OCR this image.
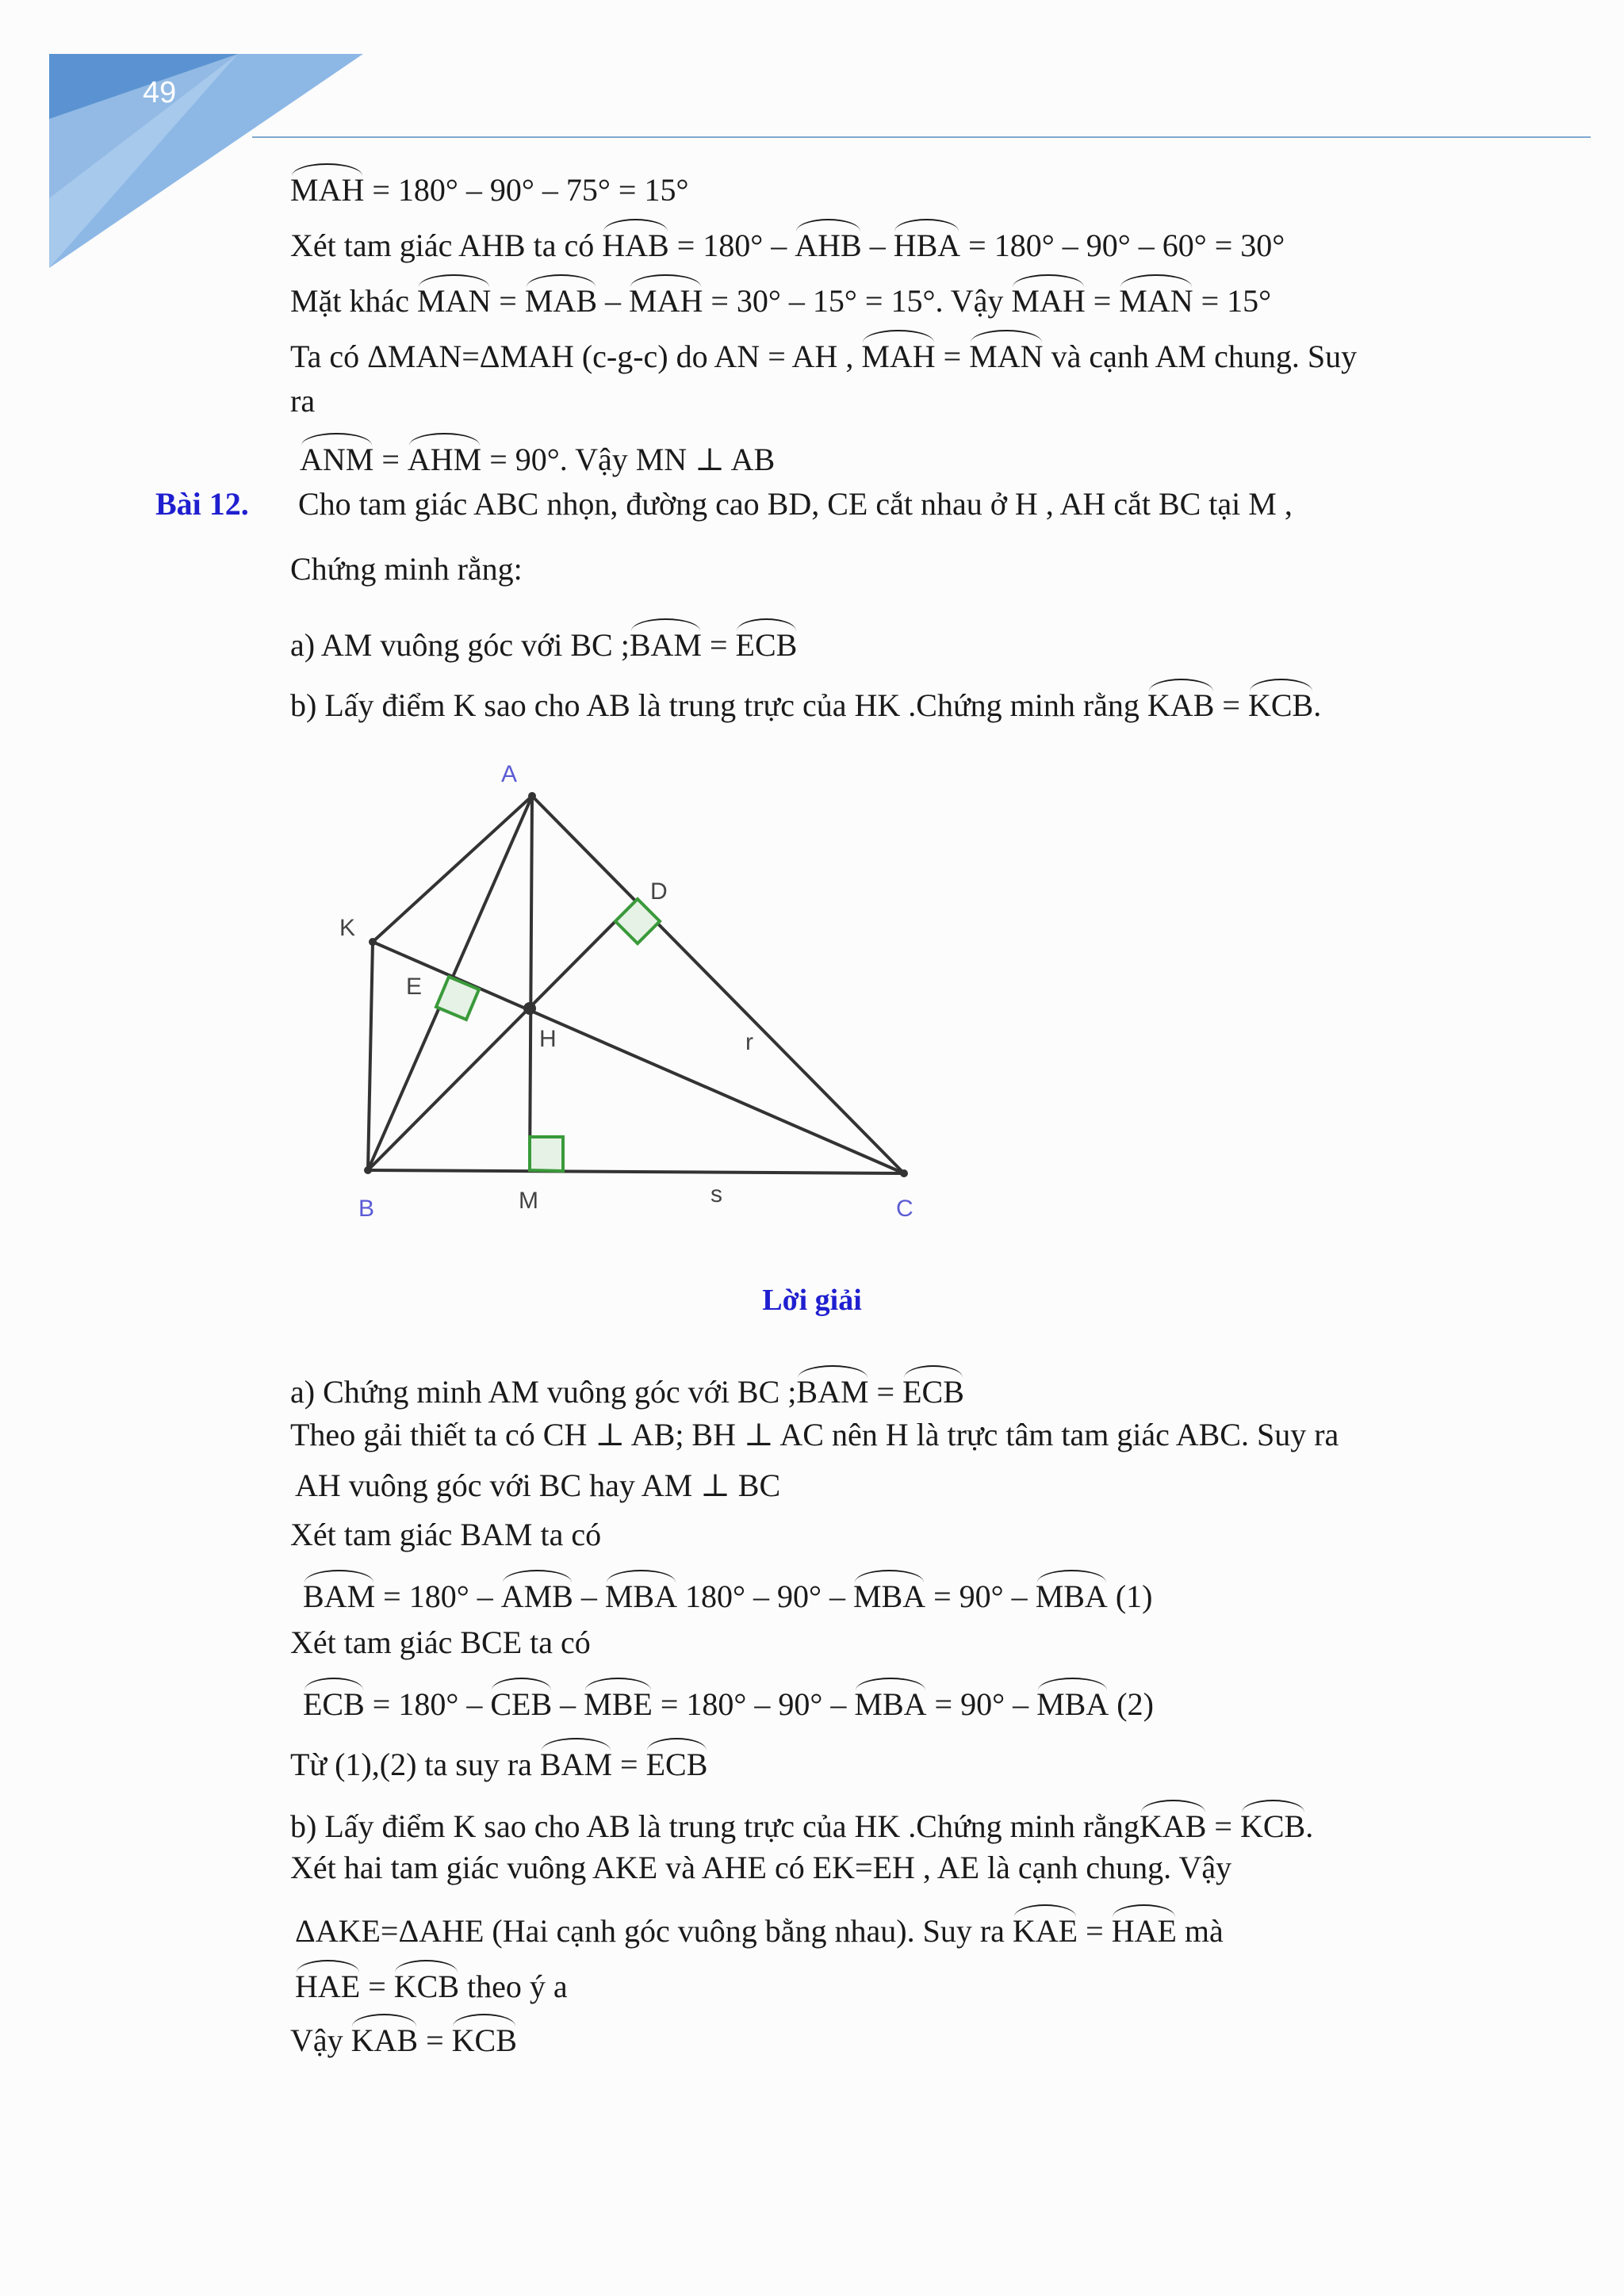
49
MAH = 180° – 90° – 75° = 15°
Xét tam giác AHB ta có HAB = 180° – AHB – HBA = 180° – 90° – 60° = 30°
Mặt khác MAN = MAB – MAH = 30° – 15° = 15°. Vậy MAH = MAN = 15°
Ta có ΔMAN=ΔMAH (c-g-c) do AN = AH , MAH = MAN và cạnh AM chung. Suy
ra
ANM = AHM = 90°. Vậy MN ⊥ AB
Bài 12. Cho tam giác ABC nhọn, đường cao BD, CE cắt nhau ở H , AH cắt BC tại M ,
Chứng minh rằng:
a) AM vuông góc với BC ;BAM = ECB
b) Lấy điểm K sao cho AB là trung trực của HK .Chứng minh rằng KAB = KCB.
A
B	C
D
E
H
K
M
r
s
Lời giải
a) Chứng minh AM vuông góc với BC ;BAM = ECB
Theo gải thiết ta có CH ⊥ AB; BH ⊥ AC nên H là trực tâm tam giác ABC. Suy ra
AH vuông góc với BC hay AM ⊥ BC
Xét tam giác BAM ta có
BAM = 180° – AMB – MBA 180° – 90° – MBA = 90° – MBA (1)
Xét tam giác BCE ta có
ECB = 180° – CEB – MBE = 180° – 90° – MBA = 90° – MBA (2)
Từ (1),(2) ta suy ra BAM = ECB
b) Lấy điểm K sao cho AB là trung trực của HK .Chứng minh rằngKAB = KCB.
Xét hai tam giác vuông AKE và AHE có EK=EH , AE là cạnh chung. Vậy
ΔAKE=ΔAHE (Hai cạnh góc vuông bằng nhau). Suy ra KAE = HAE mà
HAE = KCB theo ý a
Vậy KAB = KCB
